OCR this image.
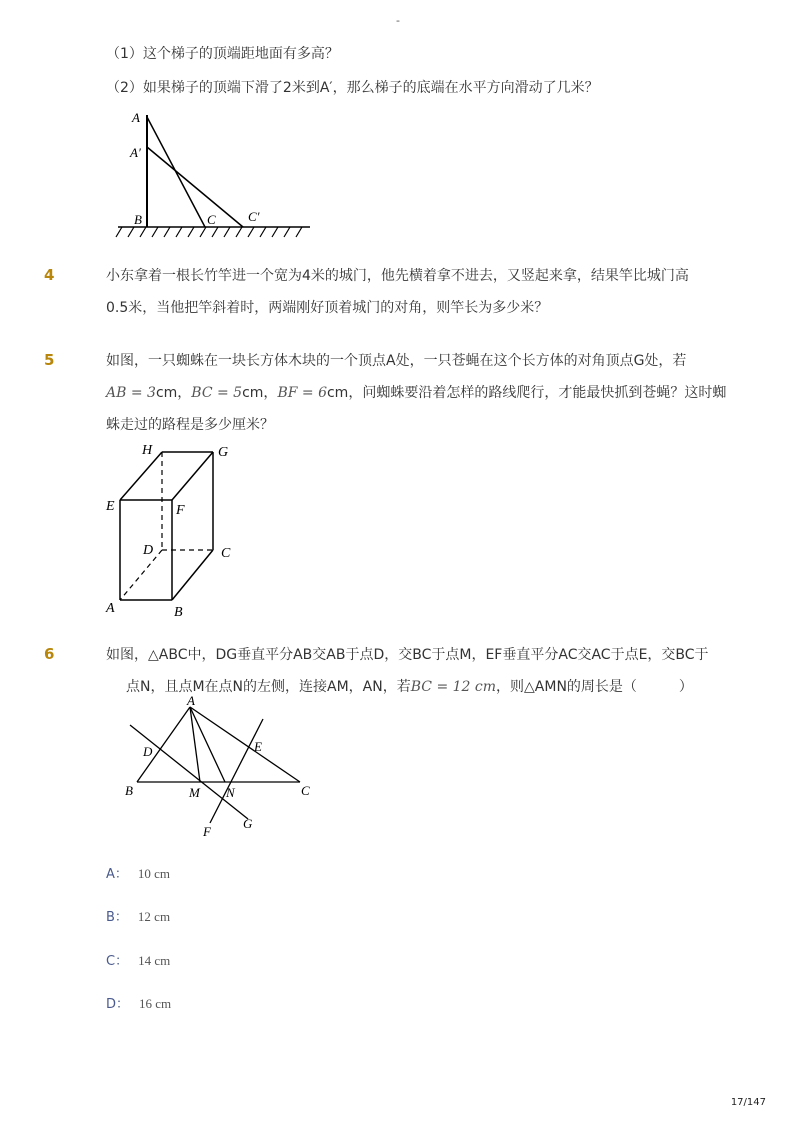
-
（1）这个梯子的顶端距地面有多高？
（2）如果梯子的顶端下滑了2米到A′，那么梯子的底端在水平方向滑动了几米？
A
A′
B	C C′
4	小东拿着一根长竹竿进一个宽为4米的城门，他先横着拿不进去，又竖起来拿，结果竿比城门高
0.5米，当他把竿斜着时，两端刚好顶着城门的对角，则竿长为多少米？
5	如图，一只蜘蛛在一块长方体木块的一个顶点A处，一只苍蝇在这个长方体的对角顶点G处，若
AB = 3cm，BC = 5cm，BF = 6cm，问蜘蛛要沿着怎样的路线爬行，才能最快抓到苍蝇？这时蜘
蛛走过的路程是多少厘米？
H	G
E	F
D	C
A	B
6	如图，△ABC中，DG垂直平分AB交AB于点D，交BC于点M，EF垂直平分AC交AC于点E，交BC于
点N，且点M在点N的左侧，连接AM，AN，若BC = 12 cm，则△AMN的周长是（　　　）
A
D	E
B	M N	C
F
G
A： 10 cm
B： 12 cm
C： 14 cm
D： 16 cm
17/147
